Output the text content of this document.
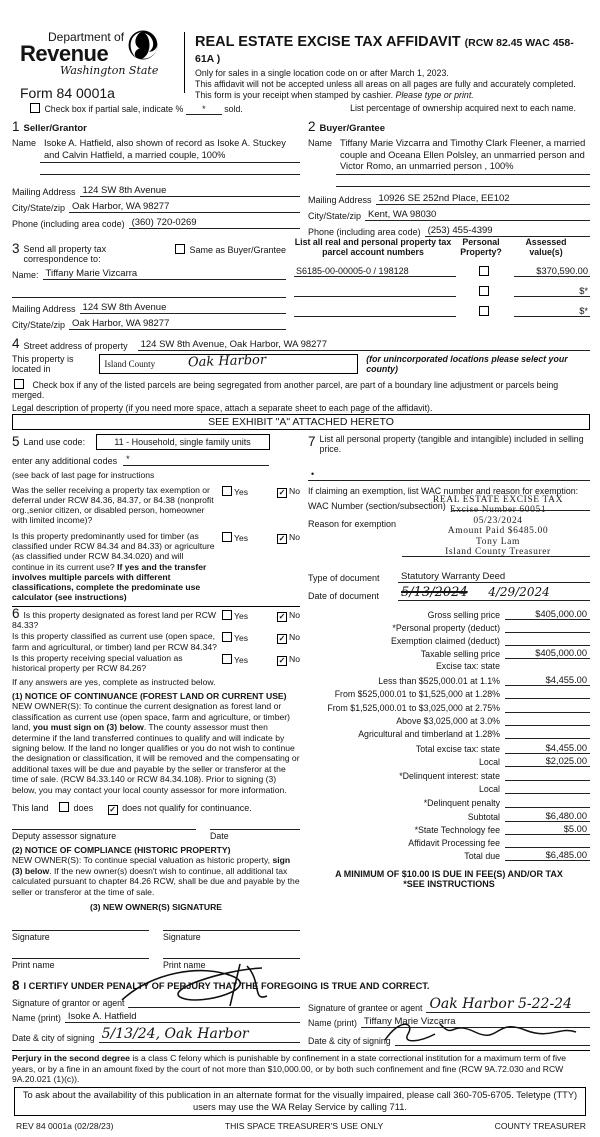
Department of
Revenue
Washington State
Form 84 0001a
REAL ESTATE EXCISE TAX AFFIDAVIT (RCW 82.45 WAC 458-61A )
Only for sales in a single location code on or after March 1, 2023.
This affidavit will not be accepted unless all areas on all pages are fully and accurately completed.
This form is your receipt when stamped by cashier. Please type or print.
Check box if partial sale, indicate % * sold.	List percentage of ownership acquired next to each name.
1 Seller/Grantor
Name Isoke A. Hatfield, also shown of record as Isoke A. Stuckey and Calvin Hatfield, a married couple, 100%
Mailing Address 124 SW 8th Avenue
City/State/zip Oak Harbor, WA 98277
Phone (including area code) (360) 720-0269
2 Buyer/Grantee
Name Tiffany Marie Vizcarra and Timothy Clark Fleener, a married couple and Oceana Ellen Polsley, an unmarried person and Victor Romo, an unmarried person , 100%
Mailing Address 10926 SE 252nd Place, EE102
City/State/zip Kent, WA 98030
Phone (including area code) (253) 455-4399
3 Send all property tax correspondence to:
Same as Buyer/Grantee
Name: Tiffany Marie Vizcarra
Mailing Address 124 SW 8th Avenue
City/State/zip Oak Harbor, WA 98277
List all real and personal property tax parcel account numbers
Personal Property?
Assessed value(s)
S6185-00-00005-0 / 198128	$370,590.00
$*
$*
4 Street address of property	124 SW 8th Avenue, Oak Harbor, WA 98277
This property is located in	Island County	Oak Harbor	(for unincorporated locations please select your county)
Check box if any of the listed parcels are being segregated from another parcel, are part of a boundary line adjustment or parcels being merged.
Legal description of property (if you need more space, attach a separate sheet to each page of the affidavit).
SEE EXHIBIT "A" ATTACHED HERETO
5 Land use code:	11 - Household, single family units
enter any additional codes	*
(see back of last page for instructions
Was the seller receiving a property tax exemption or deferral under RCW 84.36, 84.37, or 84.38 (nonprofit org.,senior citizen, or disabled person, homeowner with limited income)?
Yes ✓	No
Is this property predominantly used for timber (as classified under RCW 84.34 and 84.33) or agriculture (as classified under RCW 84.34.020) and will continue in its current use? If yes and the transfer involves multiple parcels with different classifications, complete the predominate use calculator (see instructions)
Yes ✓	No
6 Is this property designated as forest land per RCW 84.33?
Yes ✓	No
Is this property classified as current use (open space, farm and agricultural, or timber) land per RCW 84.34?
Yes ✓	No
Is this property receiving special valuation as historical property per RCW 84.26?
Yes ✓	No
If any answers are yes, complete as instructed below.
(1) NOTICE OF CONTINUANCE (FOREST LAND OR CURRENT USE)
NEW OWNER(S): To continue the current designation as forest land or classification as current use (open space, farm and agriculture, or timber) land, you must sign on (3) below. The county assessor must then determine if the land transferred continues to qualify and will indicate by signing below. If the land no longer qualifies or you do not wish to continue the designation or classification, it will be removed and the compensating or additional taxes will be due and payable by the seller or transferor at the time of sale. (RCW 84.33.140 or RCW 84.34.108). Prior to signing (3) below, you may contact your local county assessor for more information.
This land	does ✓	does not qualify for continuance.
Deputy assessor signature	Date
(2) NOTICE OF COMPLIANCE (HISTORIC PROPERTY)
NEW OWNER(S): To continue special valuation as historic property, sign (3) below. If the new owner(s) doesn't wish to continue, all additional tax calculated pursuant to chapter 84.26 RCW, shall be due and payable by the seller or transferor at the time of sale.
(3) NEW OWNER(S) SIGNATURE
Signature	Signature
Print name	Print name
7 List all personal property (tangible and intangible) included in selling price.
•
If claiming an exemption, list WAC number and reason for exemption:
WAC Number (section/subsection)
Reason for exemption
REAL ESTATE EXCISE TAX
Excise Number 60051
05/23/2024
Amount Paid $6485.00
Tony Lam
Island County Treasurer
Type of document	Statutory Warranty Deed
Date of document	5/13/2024 4/29/2024
Gross selling price	$405,000.00
*Personal property (deduct)
Exemption claimed (deduct)
Taxable selling price	$405,000.00
Excise tax: state
Less than $525,000.01 at 1.1%	$4,455.00
From $525,000.01 to $1,525,000 at 1.28%
From $1,525,000.01 to $3,025,000 at 2.75%
Above $3,025,000 at 3.0%
Agricultural and timberland at 1.28%
Total excise tax: state	$4,455.00
Local	$2,025.00
*Delinquent interest: state
Local
*Delinquent penalty
Subtotal	$6,480.00
*State Technology fee	$5.00
Affidavit Processing fee
Total due	$6,485.00
A MINIMUM OF $10.00 IS DUE IN FEE(S) AND/OR TAX
*SEE INSTRUCTIONS
8 I CERTIFY UNDER PENALTY OF PERJURY THAT THE FOREGOING IS TRUE AND CORRECT.
Signature of grantor or agent
Name (print) Isoke A. Hatfield
Date & city of signing 5/13/24, Oak Harbor
Signature of grantee or agent Oak Harbor 5-22-24
Name (print) Tiffany Marie Vizcarra
Date & city of signing
Perjury in the second degree is a class C felony which is punishable by confinement in a state correctional institution for a maximum term of five years, or by a fine in an amount fixed by the court of not more than $10,000.00, or by both such confinement and fine (RCW 9A.72.030 and RCW 9A.20.021 (1)(c)).
To ask about the availability of this publication in an alternate format for the visually impaired, please call 360-705-6705. Teletype (TTY) users may use the WA Relay Service by calling 711.
REV 84 0001a (02/28/23)	THIS SPACE TREASURER'S USE ONLY	COUNTY TREASURER
